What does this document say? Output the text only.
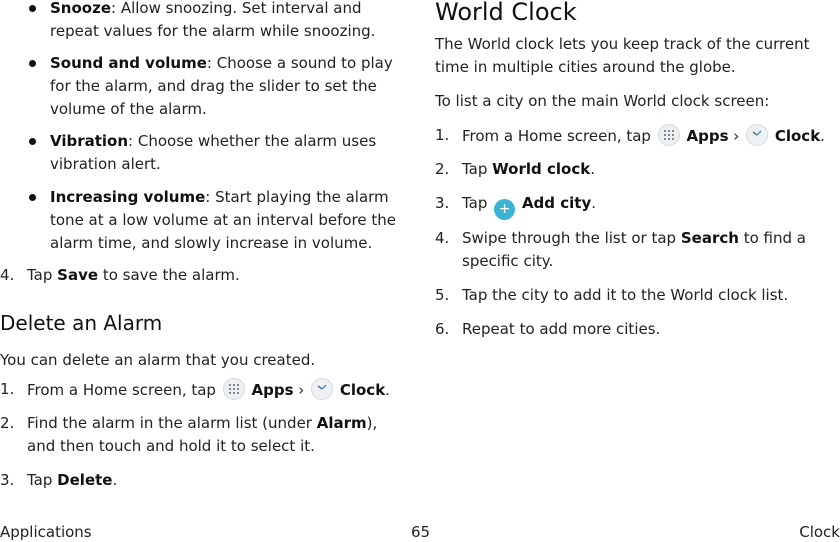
Snooze: Allow snoozing. Set interval and repeat values for the alarm while snoozing.
Sound and volume: Choose a sound to play for the alarm, and drag the slider to set the volume of the alarm.
Vibration: Choose whether the alarm uses vibration alert.
Increasing volume: Start playing the alarm tone at a low volume at an interval before the alarm time, and slowly increase in volume.
4. Tap Save to save the alarm.
Delete an Alarm

You can delete an alarm that you created.

1. From a Home screen, tap
Apps ›
Clock.
2. Find the alarm in the alarm list (under Alarm), and then touch and hold it to select it.
3. Tap Delete.
World Clock

The World clock lets you keep track of the current time in multiple cities around the globe.

To list a city on the main World clock screen:

1. From a Home screen, tap
Apps ›
Clock.
2. Tap World clock.
3. Tap + Add city.
4. Swipe through the list or tap Search to find a specific city.
5. Tap the city to add it to the World clock list.
6. Repeat to add more cities.
Applications	65	Clock
